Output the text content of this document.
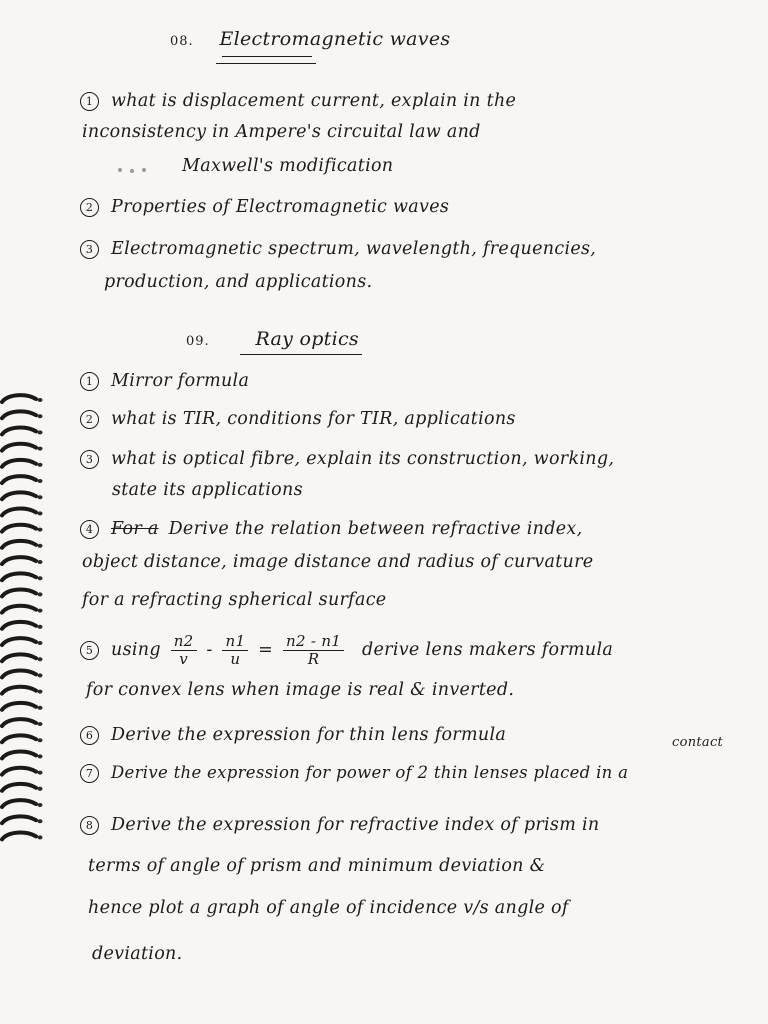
08. Electromagnetic waves
1 what is displacement current, explain in the
inconsistency in Ampere's circuital law and
Maxwell's modification
2 Properties of Electromagnetic waves
3 Electromagnetic spectrum, wavelength, frequencies,
production, and applications.
09. Ray optics
1 Mirror formula
2 what is TIR, conditions for TIR, applications
3 what is optical fibre, explain its construction, working,
state its applications
4 For a Derive the relation between refractive index,
object distance, image distance and radius of curvature
for a refracting spherical surface
5 using $\frac{n2}{v} - \frac{n1}{u} = \frac{n2 - n1}{R}$ derive lens makers formula
for convex lens when image is real & inverted.
6 Derive the expression for thin lens formula	contact
7 Derive the expression for power of 2 thin lenses placed in a
8 Derive the expression for refractive index of prism in
terms of angle of prism and minimum deviation &
hence plot a graph of angle of incidence v/s angle of
deviation.
